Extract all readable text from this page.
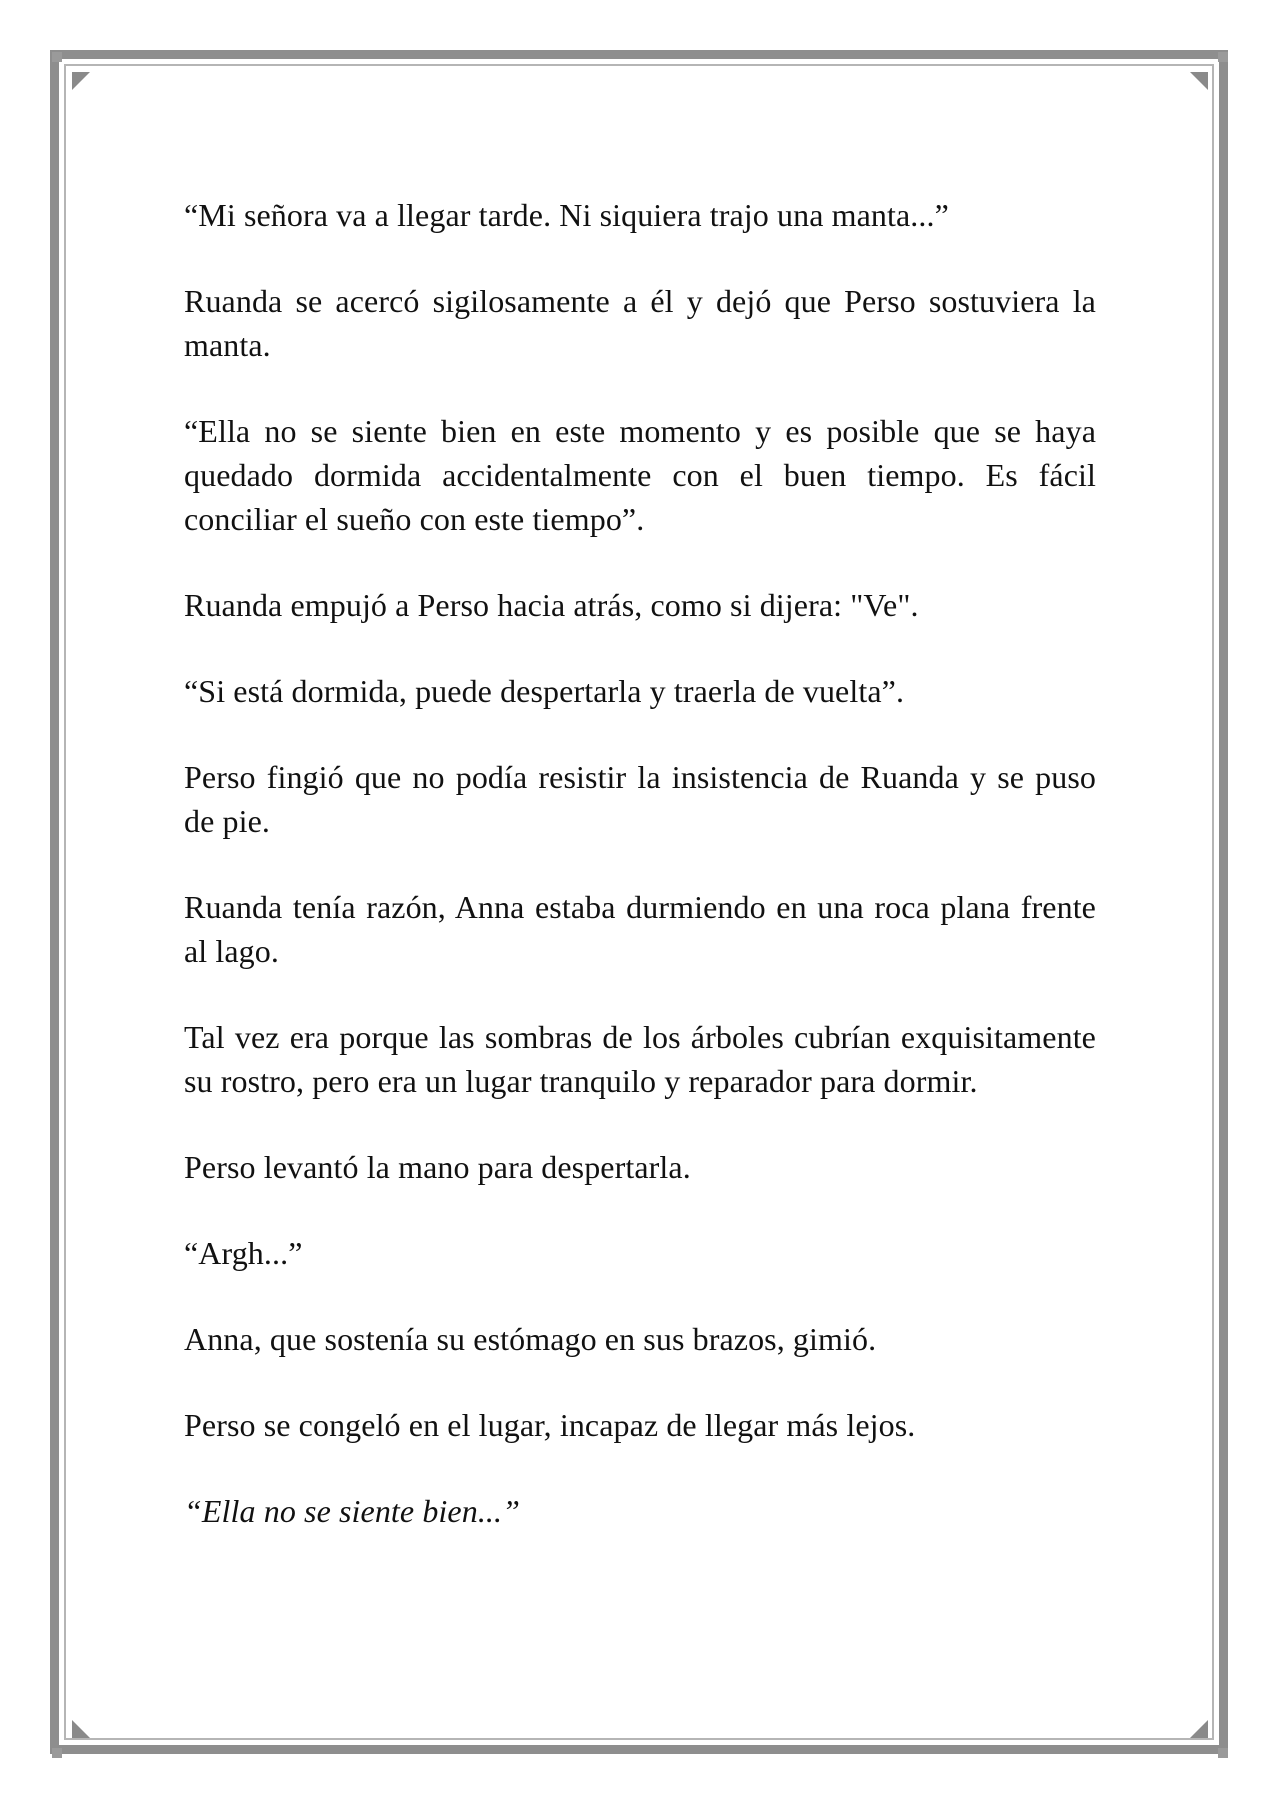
“Mi señora va a llegar tarde. Ni siquiera trajo una manta...”

Ruanda se acercó sigilosamente a él y dejó que Perso sostuviera la manta.

“Ella no se siente bien en este momento y es posible que se haya quedado dormida accidentalmente con el buen tiempo. Es fácil conciliar el sueño con este tiempo”.

Ruanda empujó a Perso hacia atrás, como si dijera: "Ve".

“Si está dormida, puede despertarla y traerla de vuelta”.

Perso fingió que no podía resistir la insistencia de Ruanda y se puso de pie.

Ruanda tenía razón, Anna estaba durmiendo en una roca plana frente al lago.

Tal vez era porque las sombras de los árboles cubrían exquisitamente su rostro, pero era un lugar tranquilo y reparador para dormir.

Perso levantó la mano para despertarla.

“Argh...”

Anna, que sostenía su estómago en sus brazos, gimió.

Perso se congeló en el lugar, incapaz de llegar más lejos.

“Ella no se siente bien...”
